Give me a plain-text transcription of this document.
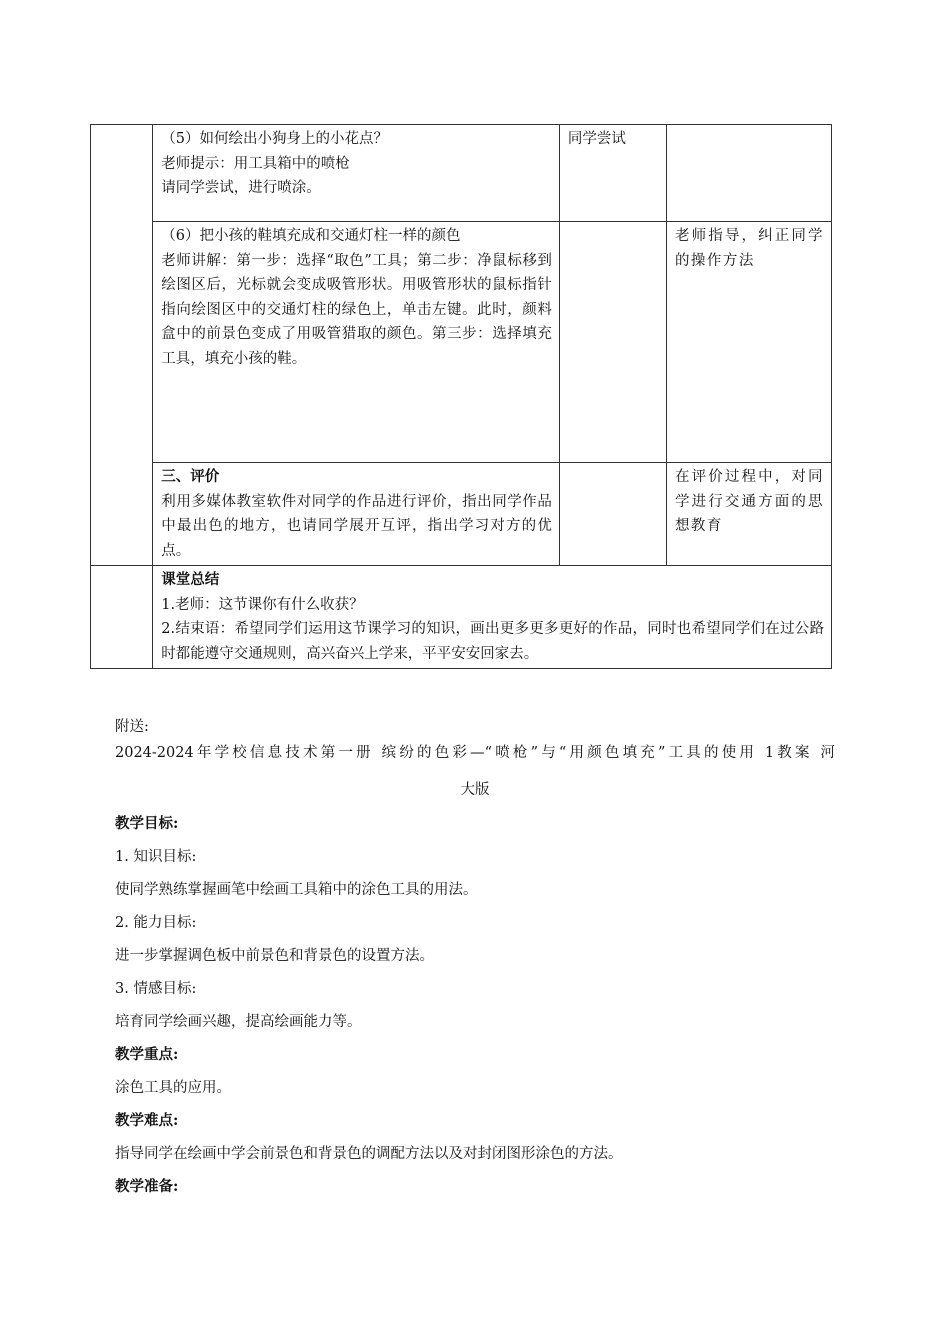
	（5）如何绘出小狗身上的小花点？
老师提示：用工具箱中的喷枪
请同学尝试，进行喷涂。	同学尝试	

	（6）把小孩的鞋填充成和交通灯柱一样的颜色
老师讲解：第一步：选择“取色”工具；第二步：净鼠标移到绘图区后，光标就会变成吸管形状。用吸管形状的鼠标指针指向绘图区中的交通灯柱的绿色上，单击左键。此时，颜料盒中的前景色变成了用吸管猎取的颜色。第三步：选择填充工具，填充小孩的鞋。		老师指导，纠正同学的操作方法

	三、评价
利用多媒体教室软件对同学的作品进行评价，指出同学作品中最出色的地方，也请同学展开互评，指出学习对方的优点。		在评价过程中，对同学进行交通方面的思想教育

	课堂总结
1.老师：这节课你有什么收获？
2.结束语：希望同学们运用这节课学习的知识，画出更多更多更好的作品，同时也希望同学们在过公路时都能遵守交通规则，高兴奋兴上学来，平平安安回家去。		
附送:
2024-2024年学校信息技术第一册 缤纷的色彩—“喷枪”与“用颜色填充”工具的使用 1教案 河
大版
教学目标:
1. 知识目标:
使同学熟练掌握画笔中绘画工具箱中的涂色工具的用法。
2. 能力目标:
进一步掌握调色板中前景色和背景色的设置方法。
3. 情感目标:
培育同学绘画兴趣，提高绘画能力等。
教学重点:
涂色工具的应用。
教学难点:
指导同学在绘画中学会前景色和背景色的调配方法以及对封闭图形涂色的方法。
教学准备:
